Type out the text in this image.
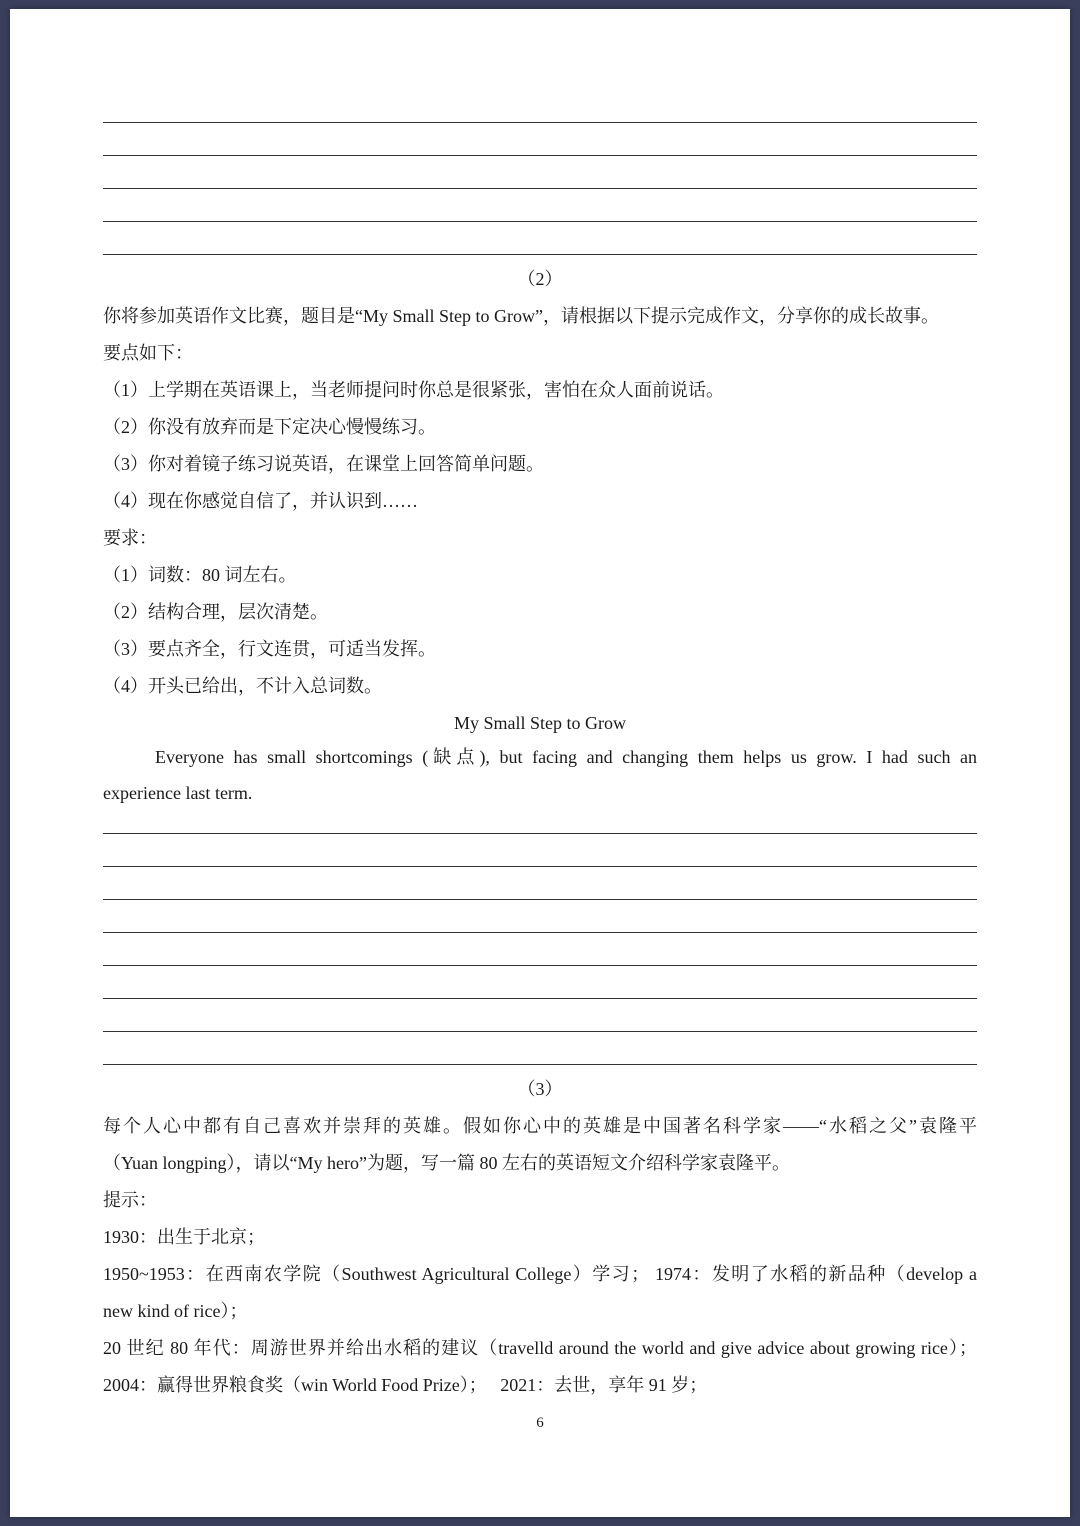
（2）
你将参加英语作文比赛，题目是“My Small Step to Grow”，请根据以下提示完成作文，分享你的成长故事。
要点如下：
（1）上学期在英语课上，当老师提问时你总是很紧张，害怕在众人面前说话。
（2）你没有放弃而是下定决心慢慢练习。
（3）你对着镜子练习说英语，在课堂上回答简单问题。
（4）现在你感觉自信了，并认识到……
要求：
（1）词数：80 词左右。
（2）结构合理，层次清楚。
（3）要点齐全，行文连贯，可适当发挥。
（4）开头已给出，不计入总词数。
My Small Step to Grow
Everyone has small shortcomings (缺点), but facing and changing them helps us grow. I had such an
experience last term.
（3）
每个人心中都有自己喜欢并崇拜的英雄。假如你心中的英雄是中国著名科学家——“水稻之父”袁隆平
（Yuan longping），请以“My hero”为题，写一篇 80 左右的英语短文介绍科学家袁隆平。
提示：
1930：出生于北京；
1950~1953：在西南农学院（Southwest Agricultural College）学习； 1974：发明了水稻的新品种（develop a
new kind of rice）；
20 世纪 80 年代：周游世界并给出水稻的建议（travelld around the world and give advice about growing rice）；
2004：赢得世界粮食奖（win World Food Prize）；   2021：去世，享年 91 岁；
6
